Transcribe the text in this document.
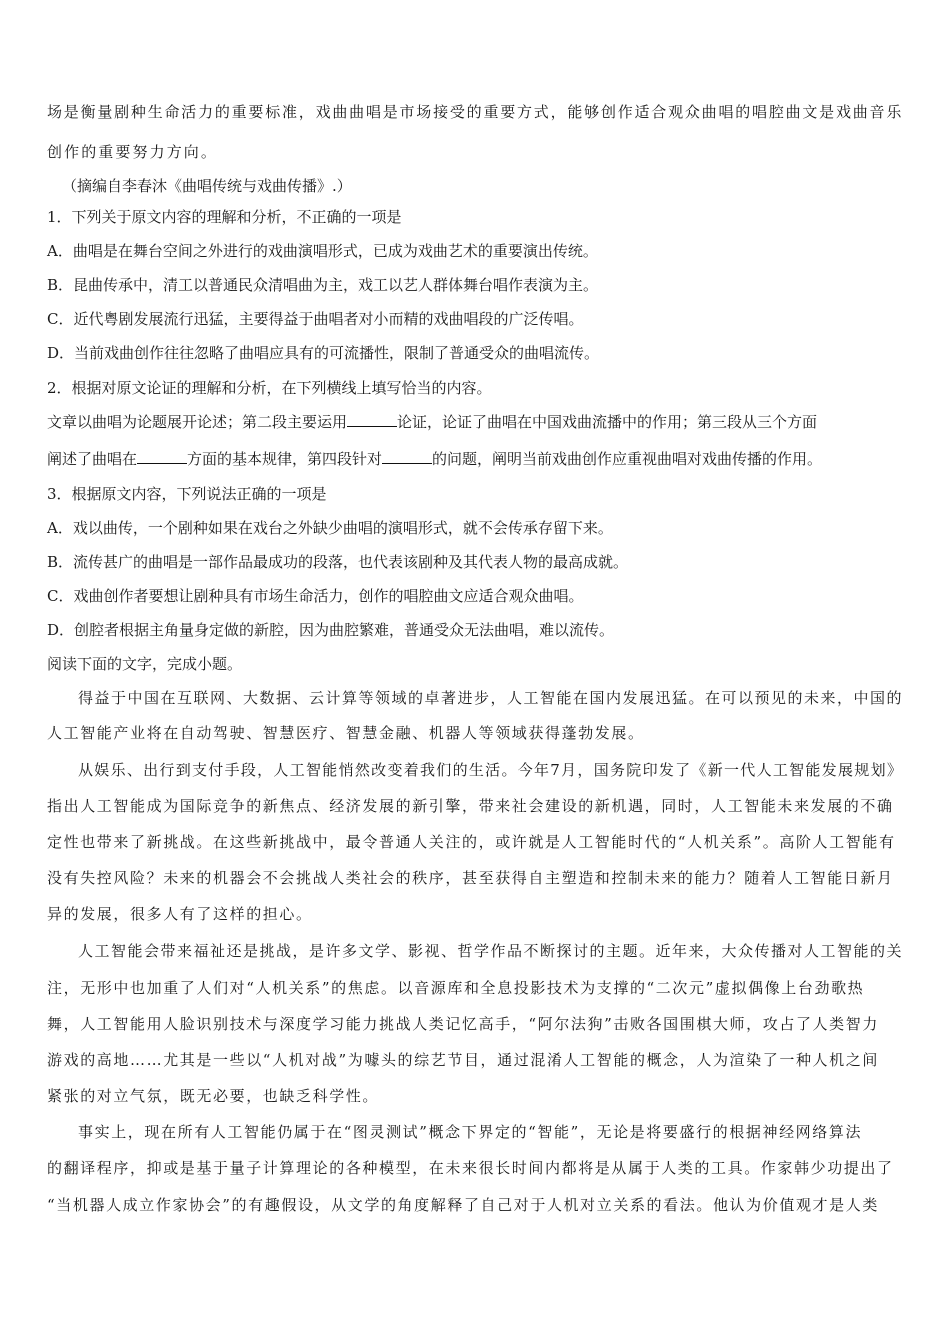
场是衡量剧种生命活力的重要标准，戏曲曲唱是市场接受的重要方式，能够创作适合观众曲唱的唱腔曲文是戏曲音乐
创作的重要努力方向。
（摘编自李春沐《曲唱传统与戏曲传播》.）
1．下列关于原文内容的理解和分析，不正确的一项是
A．曲唱是在舞台空间之外进行的戏曲演唱形式，已成为戏曲艺术的重要演出传统。
B．昆曲传承中，清工以普通民众清唱曲为主，戏工以艺人群体舞台唱作表演为主。
C．近代粤剧发展流行迅猛，主要得益于曲唱者对小而精的戏曲唱段的广泛传唱。
D．当前戏曲创作往往忽略了曲唱应具有的可流播性，限制了普通受众的曲唱流传。
2．根据对原文论证的理解和分析，在下列横线上填写恰当的内容。
文章以曲唱为论题展开论述；第二段主要运用	论证，论证了曲唱在中国戏曲流播中的作用；第三段从三个方面
阐述了曲唱在	方面的基本规律，第四段针对	的问题，阐明当前戏曲创作应重视曲唱对戏曲传播的作用。
3．根据原文内容，下列说法正确的一项是
A．戏以曲传，一个剧种如果在戏台之外缺少曲唱的演唱形式，就不会传承存留下来。
B．流传甚广的曲唱是一部作品最成功的段落，也代表该剧种及其代表人物的最高成就。
C．戏曲创作者要想让剧种具有市场生命活力，创作的唱腔曲文应适合观众曲唱。
D．创腔者根据主角量身定做的新腔，因为曲腔繁难，普通受众无法曲唱，难以流传。
阅读下面的文字，完成小题。
得益于中国在互联网、大数据、云计算等领域的卓著进步，人工智能在国内发展迅猛。在可以预见的未来，中国的
人工智能产业将在自动驾驶、智慧医疗、智慧金融、机器人等领域获得蓬勃发展。
从娱乐、出行到支付手段，人工智能悄然改变着我们的生活。今年7月，国务院印发了《新一代人工智能发展规划》
指出人工智能成为国际竞争的新焦点、经济发展的新引擎，带来社会建设的新机遇，同时，人工智能未来发展的不确
定性也带来了新挑战。在这些新挑战中，最令普通人关注的，或许就是人工智能时代的“人机关系”。高阶人工智能有
没有失控风险？未来的机器会不会挑战人类社会的秩序，甚至获得自主塑造和控制未来的能力？随着人工智能日新月
异的发展，很多人有了这样的担心。
人工智能会带来福祉还是挑战，是许多文学、影视、哲学作品不断探讨的主题。近年来，大众传播对人工智能的关
注，无形中也加重了人们对“人机关系”的焦虑。以音源库和全息投影技术为支撑的“二次元”虚拟偶像上台劲歌热
舞，人工智能用人脸识别技术与深度学习能力挑战人类记忆高手，“阿尔法狗”击败各国围棋大师，攻占了人类智力
游戏的高地……尤其是一些以“人机对战”为噱头的综艺节目，通过混淆人工智能的概念，人为渲染了一种人机之间
紧张的对立气氛，既无必要，也缺乏科学性。
事实上，现在所有人工智能仍属于在“图灵测试”概念下界定的“智能”，无论是将要盛行的根据神经网络算法
的翻译程序，抑或是基于量子计算理论的各种模型，在未来很长时间内都将是从属于人类的工具。作家韩少功提出了
“当机器人成立作家协会”的有趣假设，从文学的角度解释了自己对于人机对立关系的看法。他认为价值观才是人类
